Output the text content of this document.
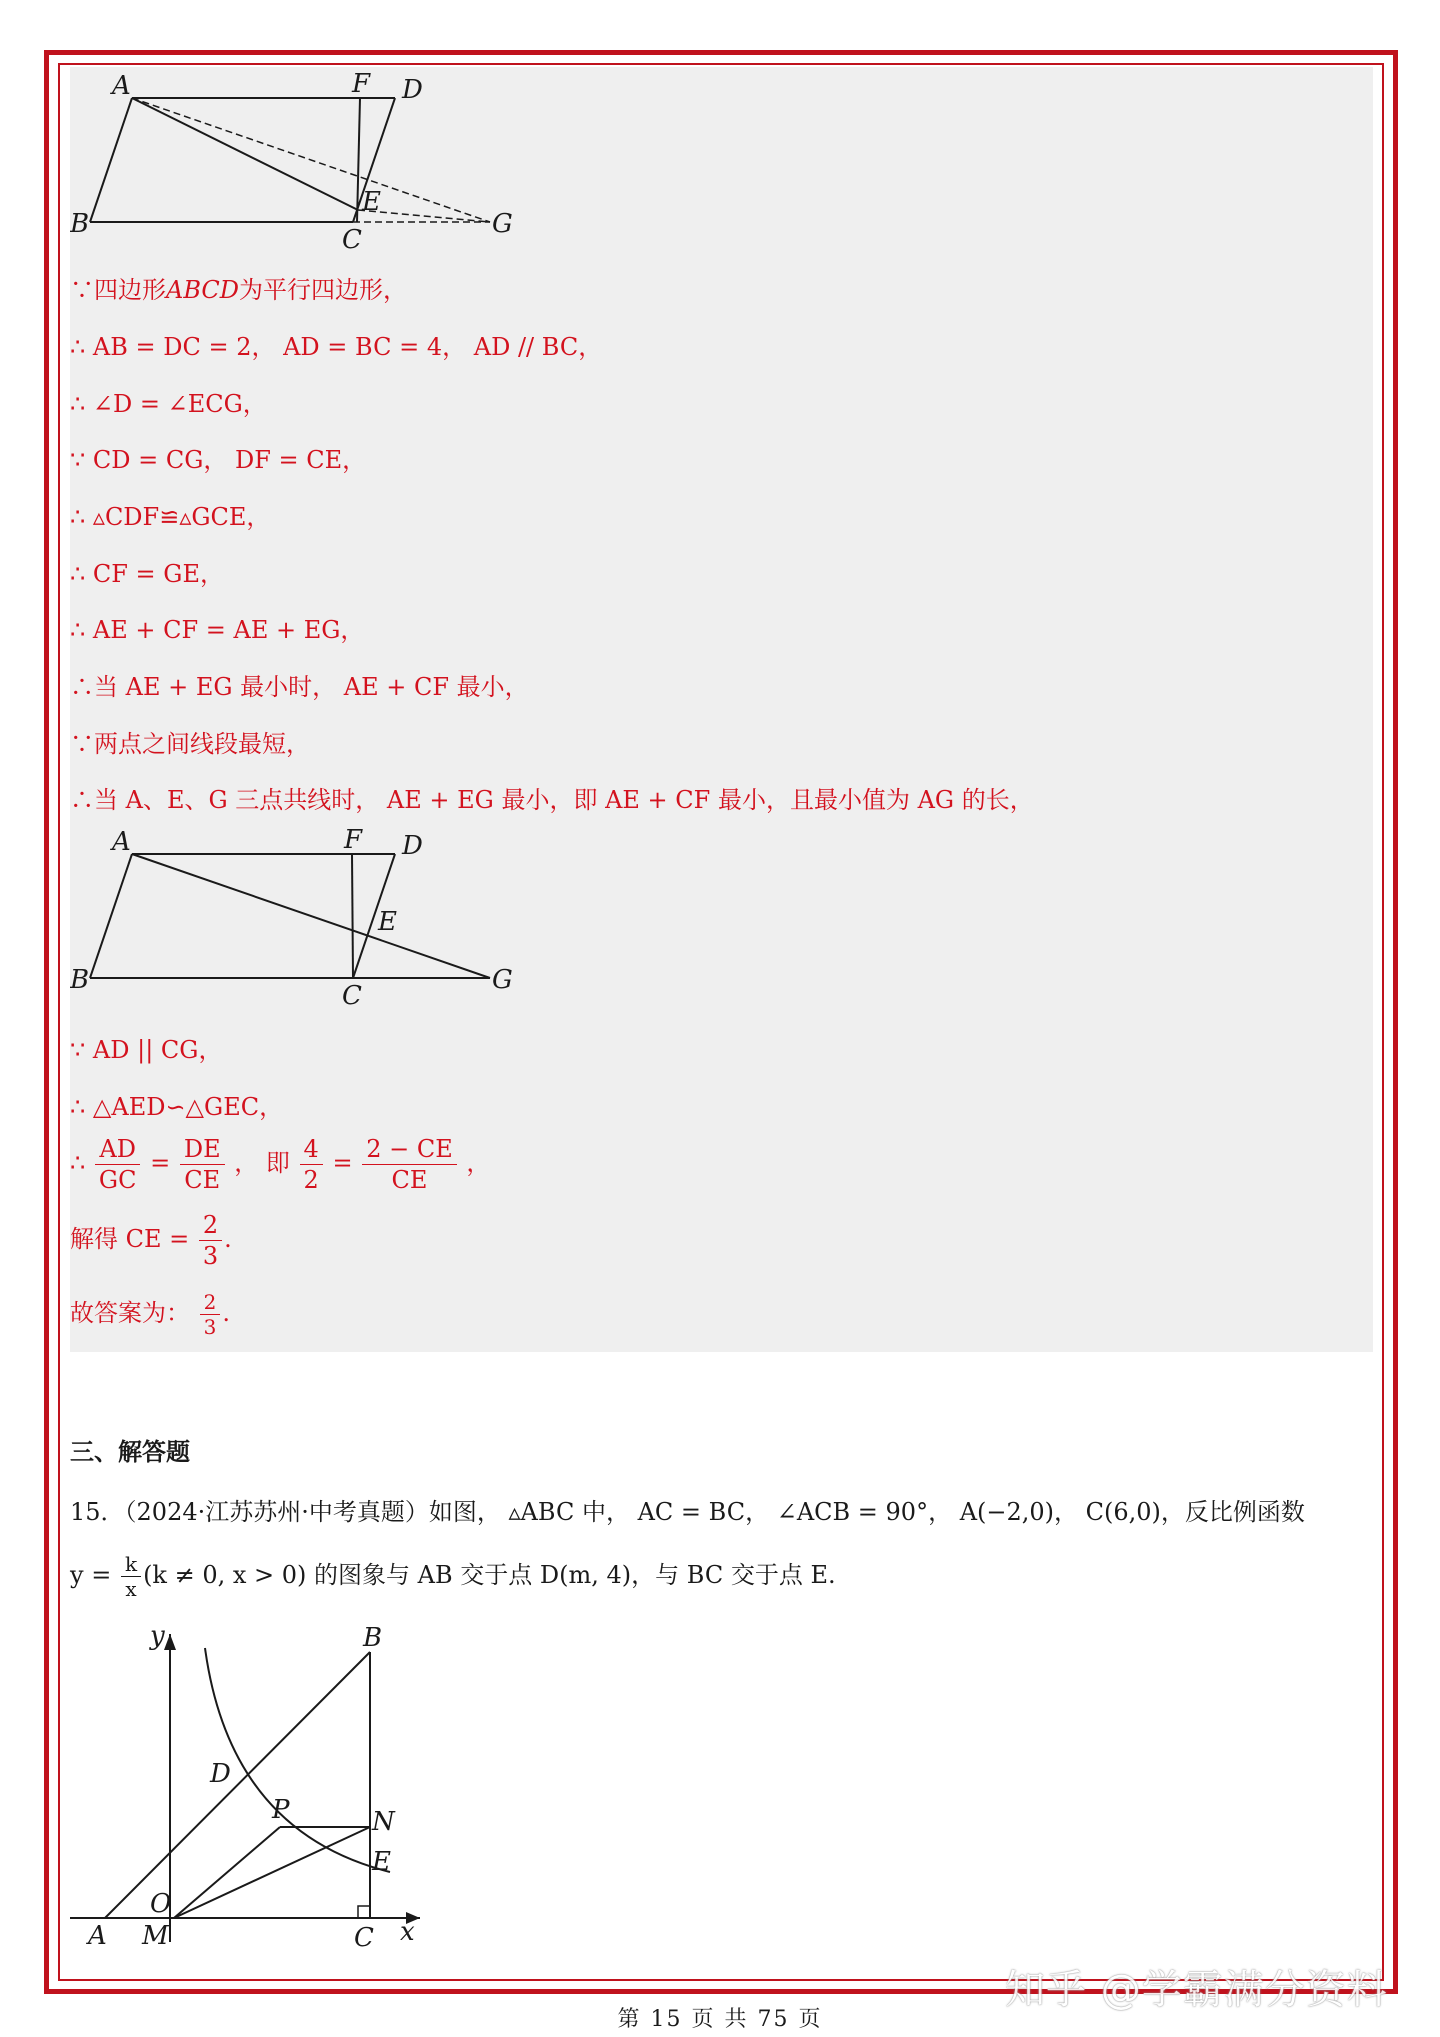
A	F D
B
C
E
G
∵四边形ABCD为平行四边形，
∴ AB = DC = 2， AD = BC = 4， AD // BC，
∴ ∠D = ∠ECG，
∵ CD = CG， DF = CE，
∴ ▵CDF≌▵GCE，
∴ CF = GE，
∴ AE + CF = AE + EG，
∴当 AE + EG 最小时， AE + CF 最小，
∵两点之间线段最短，
∴当 A、E、G 三点共线时， AE + EG 最小，即 AE + CF 最小，且最小值为 AG 的长，
A	F D
B
C
E
G
∵ AD || CG，
∴ △AED∽△GEC，
∴ $\frac{AD}{GC} = \frac{DE}{CE}$ ， 即 $\frac{4}{2} = \frac{2 - CE}{CE}$ ，
解得 CE = $\frac{2}{3}$ .
故答案为： $\frac{2}{3}$ .
三、解答题
15．（2024·江苏苏州·中考真题）如图， ▵ABC 中， AC = BC， ∠ACB = 90°， A(−2,0)， C(6,0)，反比例函数
$y = \frac{k}{x} (k \ne 0$, x > 0) 的图象与 AB 交于点 D(m, 4)，与 BC 交于点 E.
y	B
D
P	N
E
O
A M	C x
知乎 @学霸满分资料
第 15 页 共 75 页
